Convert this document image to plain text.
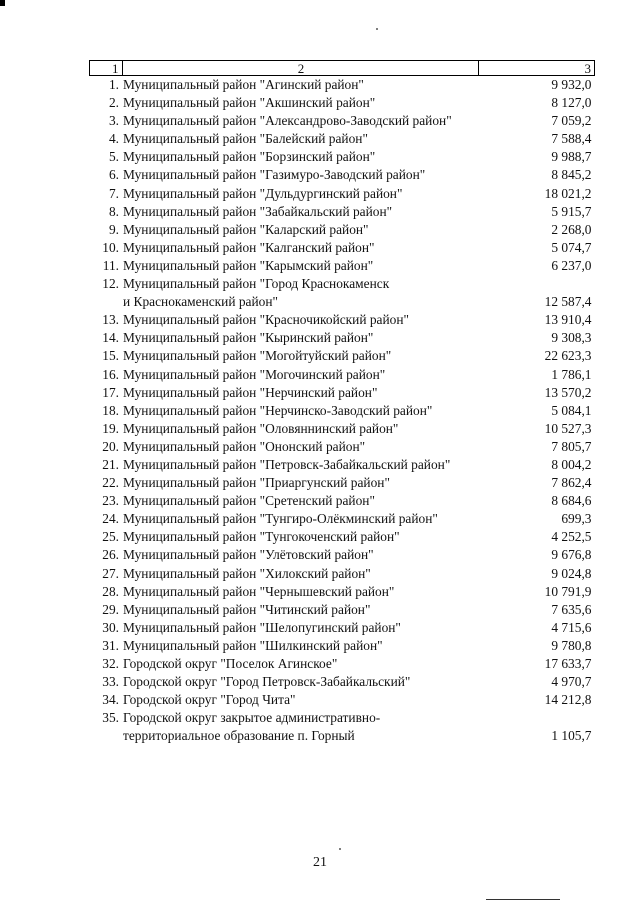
1	2	3
1.	Муниципальный район "Агинский район"	9 932,0
2.	Муниципальный район "Акшинский район"	8 127,0
3.	Муниципальный район "Александрово-Заводский район"	7 059,2
4.	Муниципальный район "Балейский район"	7 588,4
5.	Муниципальный район "Борзинский район"	9 988,7
6.	Муниципальный район "Газимуро-Заводский район"	8 845,2
7.	Муниципальный район "Дульдургинский район"	18 021,2
8.	Муниципальный район "Забайкальский район"	5 915,7
9.	Муниципальный район "Каларский район"	2 268,0
10.	Муниципальный район "Калганский район"	5 074,7
11.	Муниципальный район "Карымский район"	6 237,0
12.	Муниципальный район "Город Краснокаменск
и Краснокаменский район"	12 587,4
13.	Муниципальный район "Красночикойский район"	13 910,4
14.	Муниципальный район "Кыринский район"	9 308,3
15.	Муниципальный район "Могойтуйский район"	22 623,3
16.	Муниципальный район "Могочинский район"	1 786,1
17.	Муниципальный район "Нерчинский район"	13 570,2
18.	Муниципальный район "Нерчинско-Заводский район"	5 084,1
19.	Муниципальный район "Оловяннинский район"	10 527,3
20.	Муниципальный район "Ононский район"	7 805,7
21.	Муниципальный район "Петровск-Забайкальский район"	8 004,2
22.	Муниципальный район "Приаргунский район"	7 862,4
23.	Муниципальный район "Сретенский район"	8 684,6
24.	Муниципальный район "Тунгиро-Олёкминский район"	699,3
25.	Муниципальный район "Тунгокоченский район"	4 252,5
26.	Муниципальный район "Улётовский район"	9 676,8
27.	Муниципальный район "Хилокский район"	9 024,8
28.	Муниципальный район "Чернышевский район"	10 791,9
29.	Муниципальный район "Читинский район"	7 635,6
30.	Муниципальный район "Шелопугинский район"	4 715,6
31.	Муниципальный район "Шилкинский район"	9 780,8
32.	Городской округ "Поселок Агинское"	17 633,7
33.	Городской округ "Город Петровск-Забайкальский"	4 970,7
34.	Городской округ "Город Чита"	14 212,8
35.	Городской округ закрытое административно-
территориальное образование п. Горный	1 105,7
21
